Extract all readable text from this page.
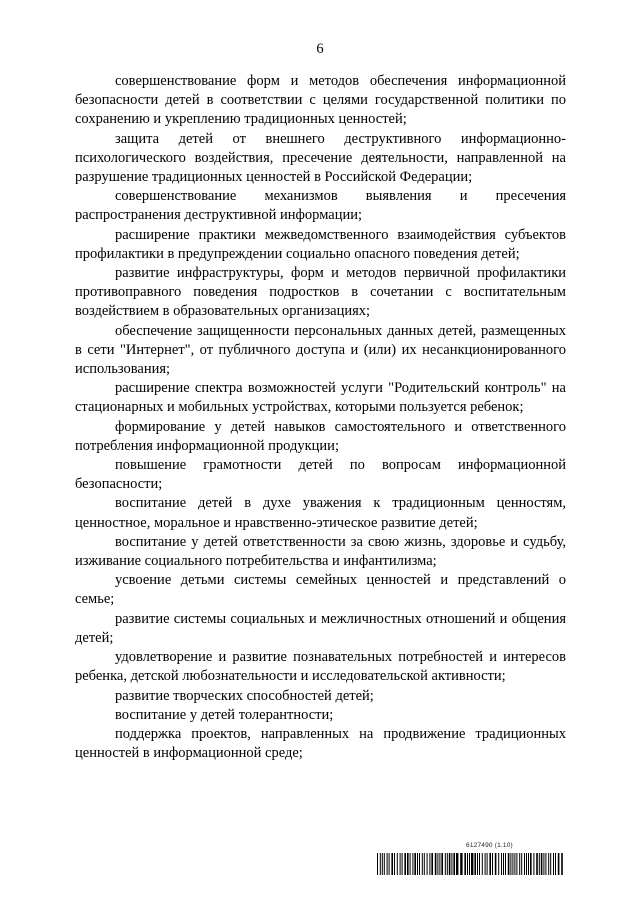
6

совершенствование форм и методов обеспечения информационной безопасности детей в соответствии с целями государственной политики по сохранению и укреплению традиционных ценностей;

защита детей от внешнего деструктивного информационно-психологического воздействия, пресечение деятельности, направленной на разрушение традиционных ценностей в Российской Федерации;

совершенствование механизмов выявления и пресечения распространения деструктивной информации;

расширение практики межведомственного взаимодействия субъектов профилактики в предупреждении социально опасного поведения детей;

развитие инфраструктуры, форм и методов первичной профилактики противоправного поведения подростков в сочетании с воспитательным воздействием в образовательных организациях;

обеспечение защищенности персональных данных детей, размещенных в сети "Интернет", от публичного доступа и (или) их несанкционированного использования;

расширение спектра возможностей услуги "Родительский контроль" на стационарных и мобильных устройствах, которыми пользуется ребенок;

формирование у детей навыков самостоятельного и ответственного потребления информационной продукции;

повышение грамотности детей по вопросам информационной безопасности;

воспитание детей в духе уважения к традиционным ценностям, ценностное, моральное и нравственно-этическое развитие детей;

воспитание у детей ответственности за свою жизнь, здоровье и судьбу, изживание социального потребительства и инфантилизма;

усвоение детьми системы семейных ценностей и представлений о семье;

развитие системы социальных и межличностных отношений и общения детей;

удовлетворение и развитие познавательных потребностей и интересов ребенка, детской любознательности и исследовательской активности;

развитие творческих способностей детей;

воспитание у детей толерантности;

поддержка проектов, направленных на продвижение традиционных ценностей в информационной среде;

6127490 (1.10)
